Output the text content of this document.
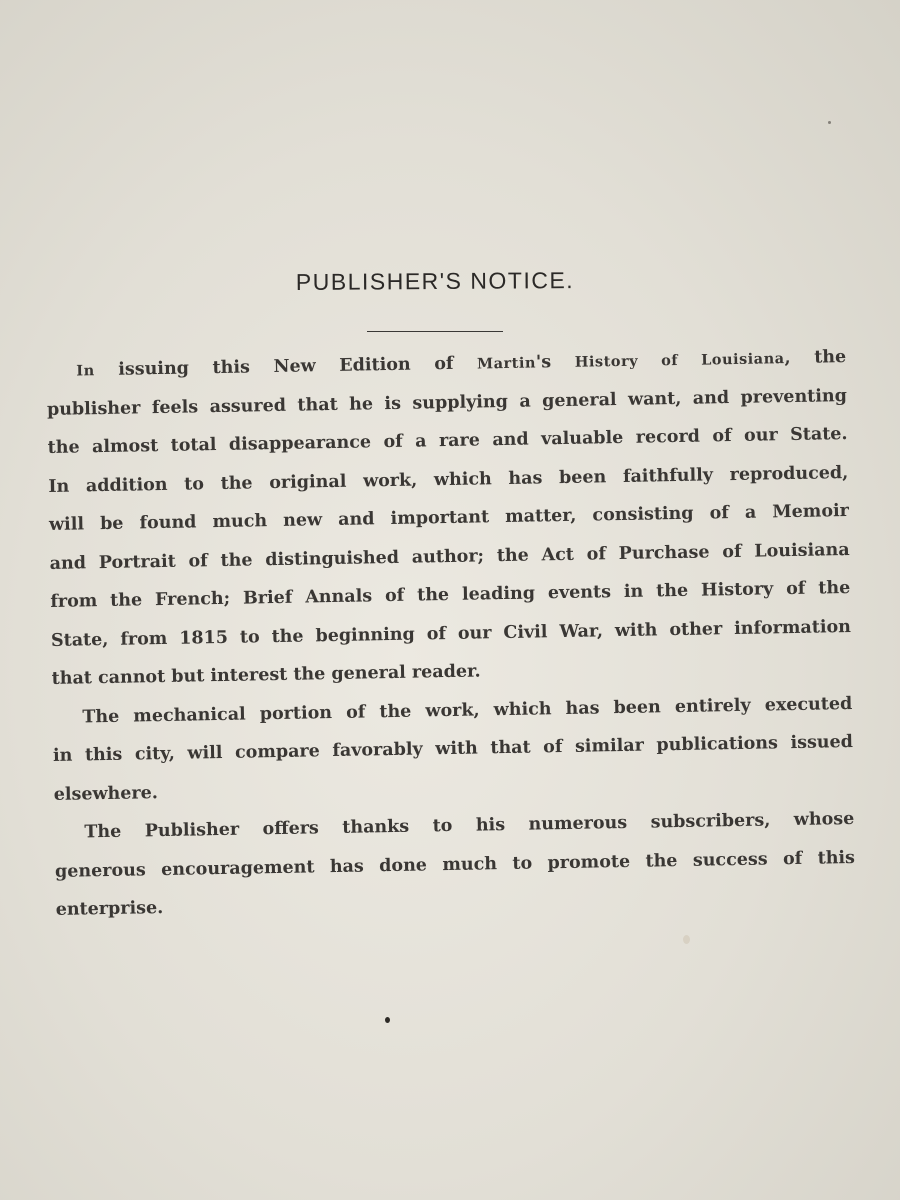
PUBLISHER'S NOTICE.
In issuing this New Edition of Martin's History of Louisiana, the
publisher feels assured that he is supplying a general want, and preventing
the almost total disappearance of a rare and valuable record of our State.
In addition to the original work, which has been faithfully reproduced,
will be found much new and important matter, consisting of a Memoir
and Portrait of the distinguished author; the Act of Purchase of Louisiana
from the French; Brief Annals of the leading events in the History of the
State, from 1815 to the beginning of our Civil War, with other information
that cannot but interest the general reader.
The mechanical portion of the work, which has been entirely executed
in this city, will compare favorably with that of similar publications issued
elsewhere.
The Publisher offers thanks to his numerous subscribers, whose
generous encouragement has done much to promote the success of this
enterprise.
